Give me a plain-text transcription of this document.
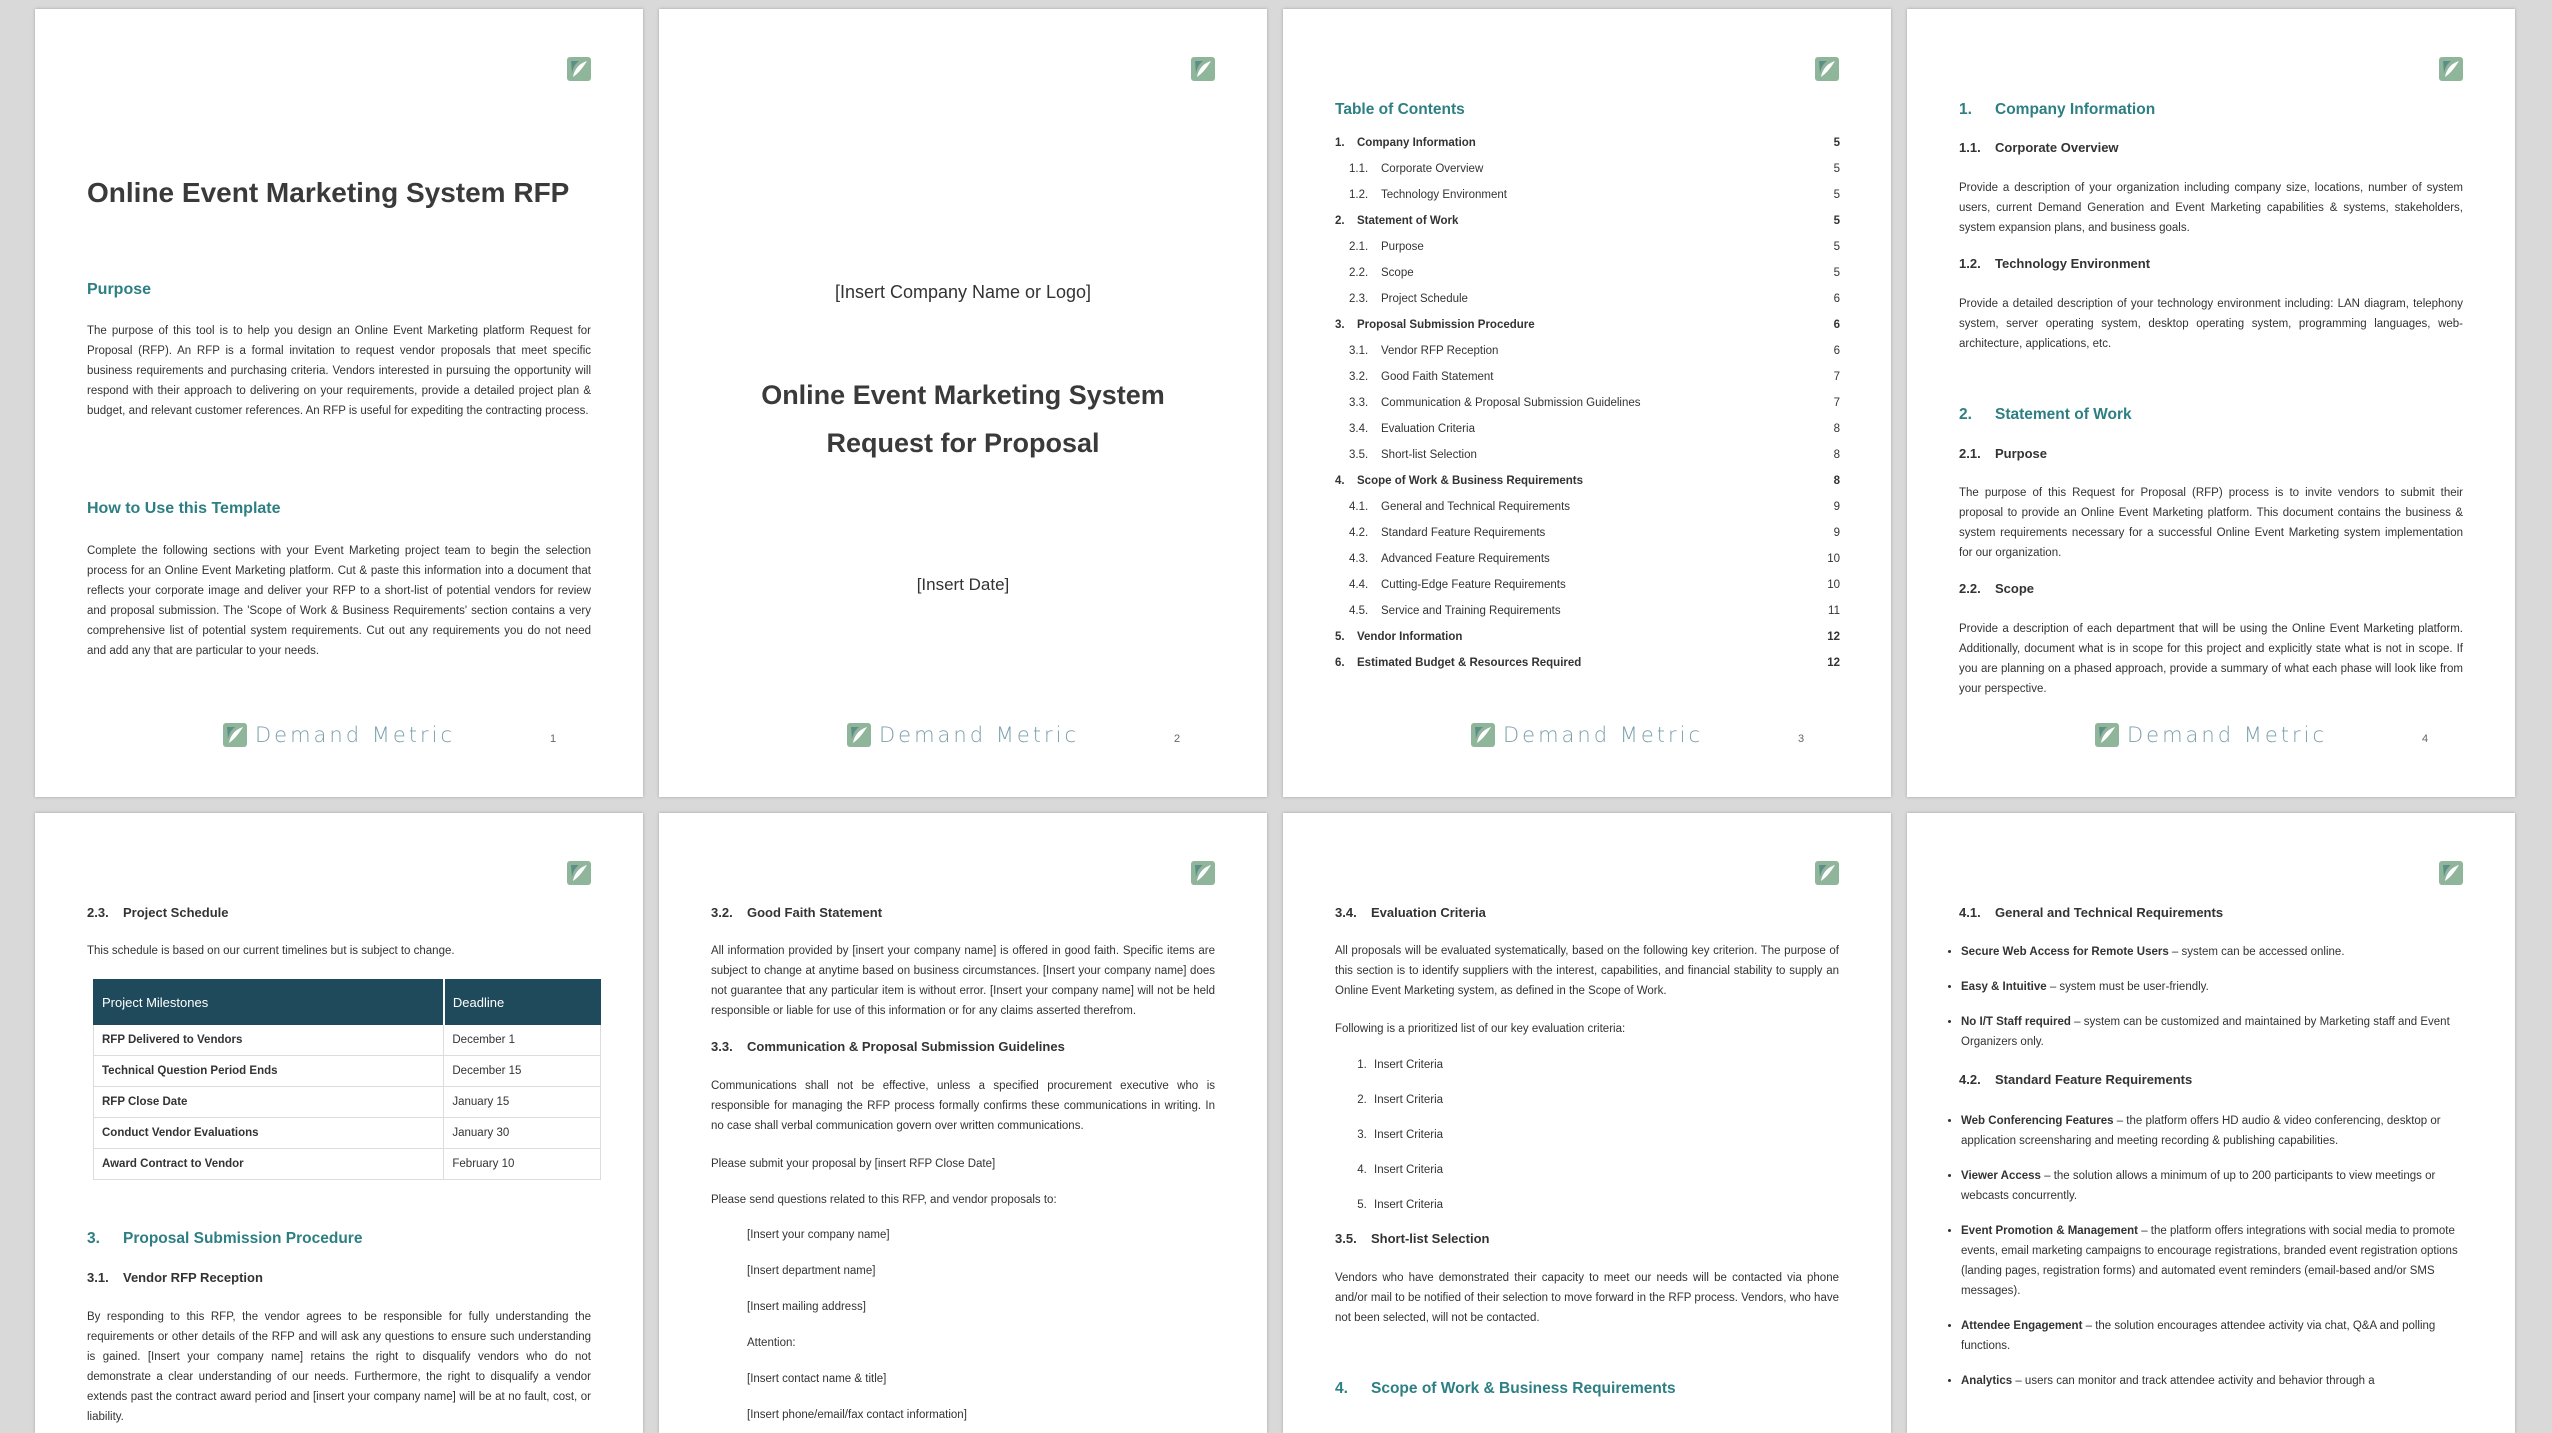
Online Event Marketing System RFP
Purpose

The purpose of this tool is to help you design an Online Event Marketing platform Request for Proposal (RFP). An RFP is a formal invitation to request vendor proposals that meet specific business requirements and purchasing criteria. Vendors interested in pursuing the opportunity will respond with their approach to delivering on your requirements, provide a detailed project plan & budget, and relevant customer references. An RFP is useful for expediting the contracting process.

How to Use this Template

Complete the following sections with your Event Marketing project team to begin the selection process for an Online Event Marketing platform. Cut & paste this information into a document that reflects your corporate image and deliver your RFP to a short-list of potential vendors for review and proposal submission. The 'Scope of Work & Business Requirements' section contains a very comprehensive list of potential system requirements. Cut out any requirements you do not need and add any that are particular to your needs.

Demand Metric	1
[Insert Company Name or Logo]
Online Event Marketing System
Request for Proposal
[Insert Date]
Demand Metric	2
Table of Contents
1. Company Information	5
1.1. Corporate Overview	5
1.2. Technology Environment	5
2. Statement of Work	5
2.1. Purpose	5
2.2. Scope	5
2.3. Project Schedule	6
3. Proposal Submission Procedure	6
3.1. Vendor RFP Reception	6
3.2. Good Faith Statement	7
3.3. Communication & Proposal Submission Guidelines	7
3.4. Evaluation Criteria	8
3.5. Short-list Selection	8
4. Scope of Work & Business Requirements	8
4.1. General and Technical Requirements	9
4.2. Standard Feature Requirements	9
4.3. Advanced Feature Requirements	10
4.4. Cutting-Edge Feature Requirements	10
4.5. Service and Training Requirements	11
5. Vendor Information	12
6. Estimated Budget & Resources Required	12
Demand Metric	3
1. Company Information
1.1. Corporate Overview

Provide a description of your organization including company size, locations, number of system users, current Demand Generation and Event Marketing capabilities & systems, stakeholders, system expansion plans, and business goals.

1.2. Technology Environment

Provide a detailed description of your technology environment including: LAN diagram, telephony system, server operating system, desktop operating system, programming languages, web-architecture, applications, etc.

2. Statement of Work
2.1. Purpose

The purpose of this Request for Proposal (RFP) process is to invite vendors to submit their proposal to provide an Online Event Marketing platform. This document contains the business & system requirements necessary for a successful Online Event Marketing system implementation for our organization.

2.2. Scope

Provide a description of each department that will be using the Online Event Marketing platform. Additionally, document what is in scope for this project and explicitly state what is not in scope. If you are planning on a phased approach, provide a summary of what each phase will look like from your perspective.

Demand Metric	4
2.3. Project Schedule

This schedule is based on our current timelines but is subject to change.

Project Milestones	Deadline
RFP Delivered to Vendors	December 1
Technical Question Period Ends	December 15
RFP Close Date	January 15
Conduct Vendor Evaluations	January 30
Award Contract to Vendor	February 10
3. Proposal Submission Procedure
3.1. Vendor RFP Reception

By responding to this RFP, the vendor agrees to be responsible for fully understanding the requirements or other details of the RFP and will ask any questions to ensure such understanding is gained. [Insert your company name] retains the right to disqualify vendors who do not demonstrate a clear understanding of our needs. Furthermore, the right to disqualify a vendor extends past the contract award period and [insert your company name] will be at no fault, cost, or liability.

3.2. Good Faith Statement

All information provided by [insert your company name] is offered in good faith. Specific items are subject to change at anytime based on business circumstances. [Insert your company name] does not guarantee that any particular item is without error. [Insert your company name] will not be held responsible or liable for use of this information or for any claims asserted therefrom.

3.3. Communication & Proposal Submission Guidelines

Communications shall not be effective, unless a specified procurement executive who is responsible for managing the RFP process formally confirms these communications in writing. In no case shall verbal communication govern over written communications.

Please submit your proposal by [insert RFP Close Date]

Please send questions related to this RFP, and vendor proposals to:

[Insert your company name]
[Insert department name]
[Insert mailing address]
Attention:
[Insert contact name & title]
[Insert phone/email/fax contact information]
3.4. Evaluation Criteria

All proposals will be evaluated systematically, based on the following key criterion. The purpose of this section is to identify suppliers with the interest, capabilities, and financial stability to supply an Online Event Marketing system, as defined in the Scope of Work.

Following is a prioritized list of our key evaluation criteria:

1. Insert Criteria
2. Insert Criteria
3. Insert Criteria
4. Insert Criteria
5. Insert Criteria
3.5. Short-list Selection

Vendors who have demonstrated their capacity to meet our needs will be contacted via phone and/or mail to be notified of their selection to move forward in the RFP process. Vendors, who have not been selected, will not be contacted.

4. Scope of Work & Business Requirements
4.1. General and Technical Requirements
• Secure Web Access for Remote Users – system can be accessed online.
• Easy & Intuitive – system must be user-friendly.
• No I/T Staff required – system can be customized and maintained by Marketing staff and Event Organizers only.
4.2. Standard Feature Requirements
• Web Conferencing Features – the platform offers HD audio & video conferencing, desktop or application screensharing and meeting recording & publishing capabilities.
• Viewer Access – the solution allows a minimum of up to 200 participants to view meetings or webcasts concurrently.
• Event Promotion & Management – the platform offers integrations with social media to promote events, email marketing campaigns to encourage registrations, branded event registration options (landing pages, registration forms) and automated event reminders (email-based and/or SMS messages).
• Attendee Engagement – the solution encourages attendee activity via chat, Q&A and polling functions.
• Analytics – users can monitor and track attendee activity and behavior through a
